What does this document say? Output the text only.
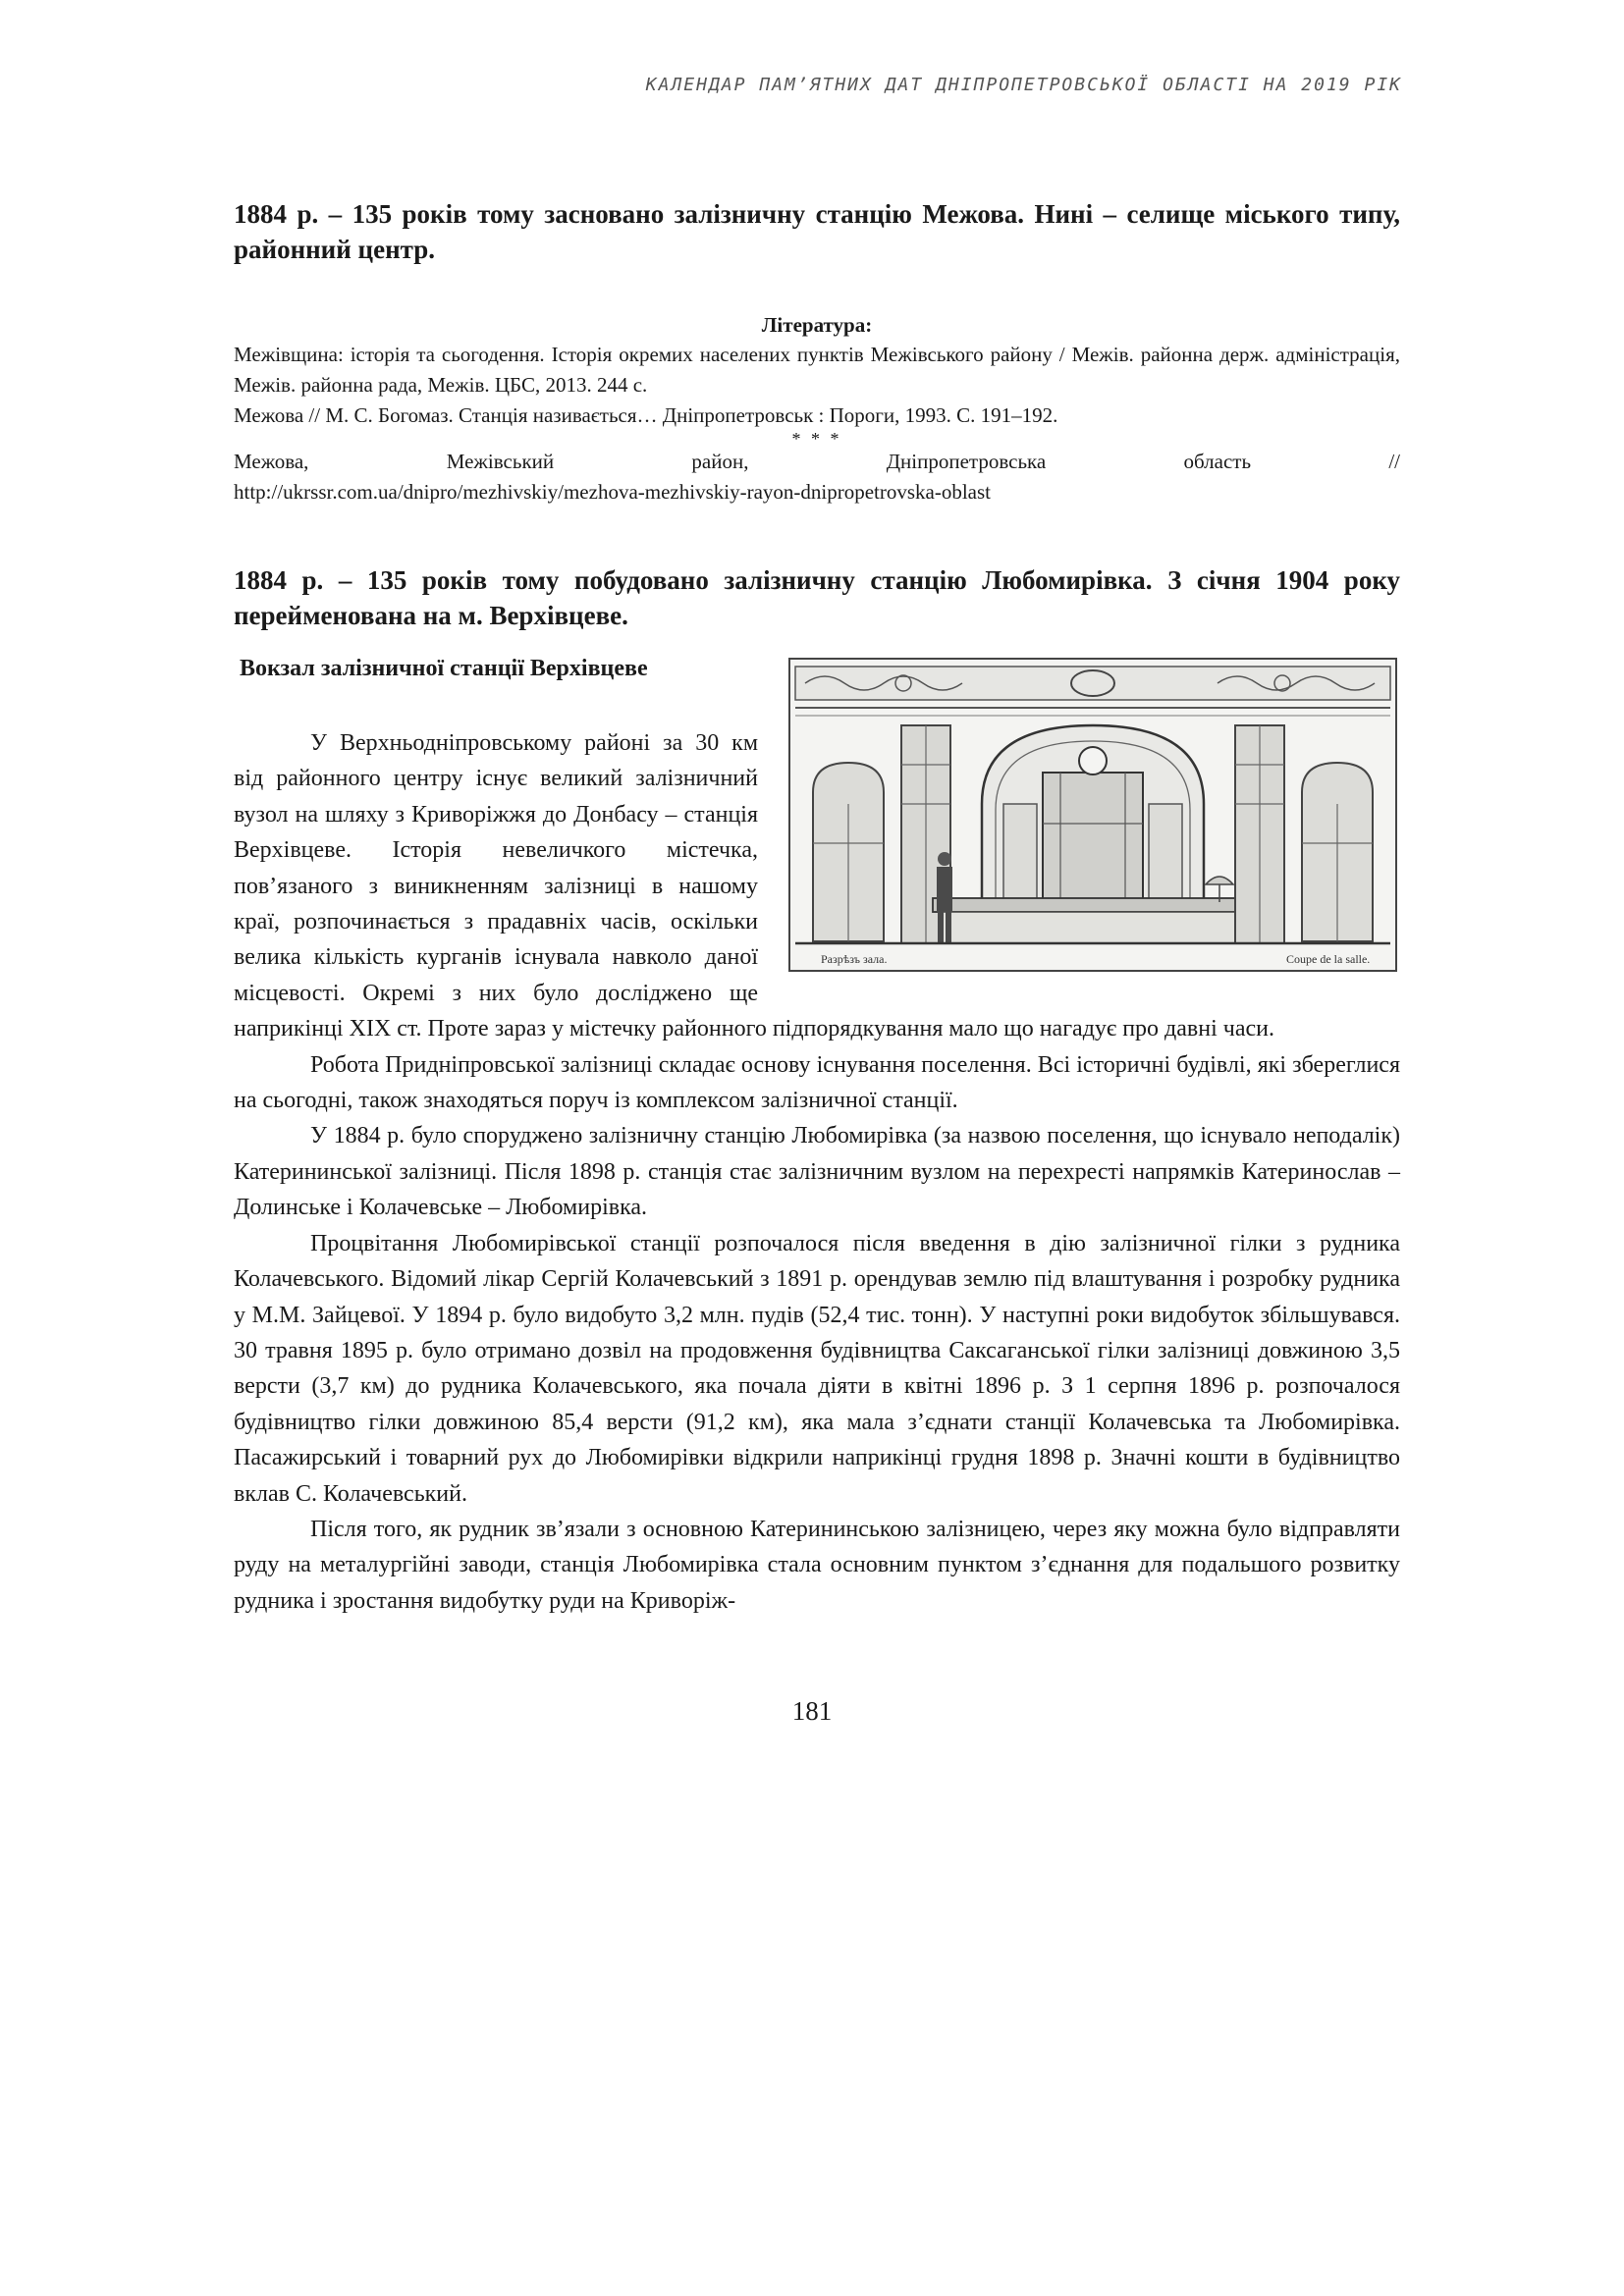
КАЛЕНДАР ПАМ’ЯТНИХ ДАТ ДНІПРОПЕТРОВСЬКОЇ ОБЛАСТІ НА 2019 РІК

1884 р. – 135 років тому засновано залізничну станцію Межова. Нині – селище міського типу, районний центр.

Література:

Межівщина: історія та сьогодення. Історія окремих населених пунктів Межівського району / Межів. районна держ. адміністрація, Межів. районна рада, Межів. ЦБС, 2013. 244 с.

Межова // М. С. Богомаз. Станція називається… Дніпропетровськ : Пороги, 1993. С. 191–192.

* * *
Межова,	Межівський	район,	Дніпропетровська	область	//
http://ukrssr.com.ua/dnipro/mezhivskiy/mezhova-mezhivskiy-rayon-dnipropetrovska-oblast

1884 р. – 135 років тому побудовано залізничну станцію Любомирівка. З січня 1904 року перейменована на м. Верхівцеве.

Разрѣзъ зала.	Coupe de la salle.
Вокзал залізничної станції Верхівцеве

У Верхньодніпровському районі за 30 км від районного центру існує великий залізничний вузол на шляху з Криворіжжя до Донбасу – станція Верхівцеве. Історія невеличкого містечка, пов’язаного з виникненням залізниці в нашому краї, розпочинається з прадавніх часів, оскільки велика кількість курганів існувала навколо даної місцевості. Окремі з них було досліджено ще наприкінці ХІХ ст. Проте зараз у містечку районного підпорядкування мало що нагадує про давні часи.

Робота Придніпровської залізниці складає основу існування поселення. Всі історичні будівлі, які збереглися на сьогодні, також знаходяться поруч із комплексом залізничної станції.

У 1884 р. було споруджено залізничну станцію Любомирівка (за назвою поселення, що існувало неподалік) Катерининської залізниці. Після 1898 р. станція стає залізничним вузлом на перехресті напрямків Катеринослав – Долинське і Колачевське – Любомирівка.

Процвітання Любомирівської станції розпочалося після введення в дію залізничної гілки з рудника Колачевського. Відомий лікар Сергій Колачевський з 1891 р. орендував землю під влаштування і розробку рудника у М.М. Зайцевої. У 1894 р. було видобуто 3,2 млн. пудів (52,4 тис. тонн). У наступні роки видобуток збільшувався. 30 травня 1895 р. було отримано дозвіл на продовження будівництва Саксаганської гілки залізниці довжиною 3,5 версти (3,7 км) до рудника Колачевського, яка почала діяти в квітні 1896 р. З 1 серпня 1896 р. розпочалося будівництво гілки довжиною 85,4 версти (91,2 км), яка мала з’єднати станції Колачевська та Любомирівка. Пасажирський і товарний рух до Любомирівки відкрили наприкінці грудня 1898 р. Значні кошти в будівництво вклав С. Колачевський.

Після того, як рудник зв’язали з основною Катерининською залізницею, через яку можна було відправляти руду на металургійні заводи, станція Любомирівка стала основним пунктом з’єднання для подальшого розвитку рудника і зростання видобутку руди на Криворіж-

181
